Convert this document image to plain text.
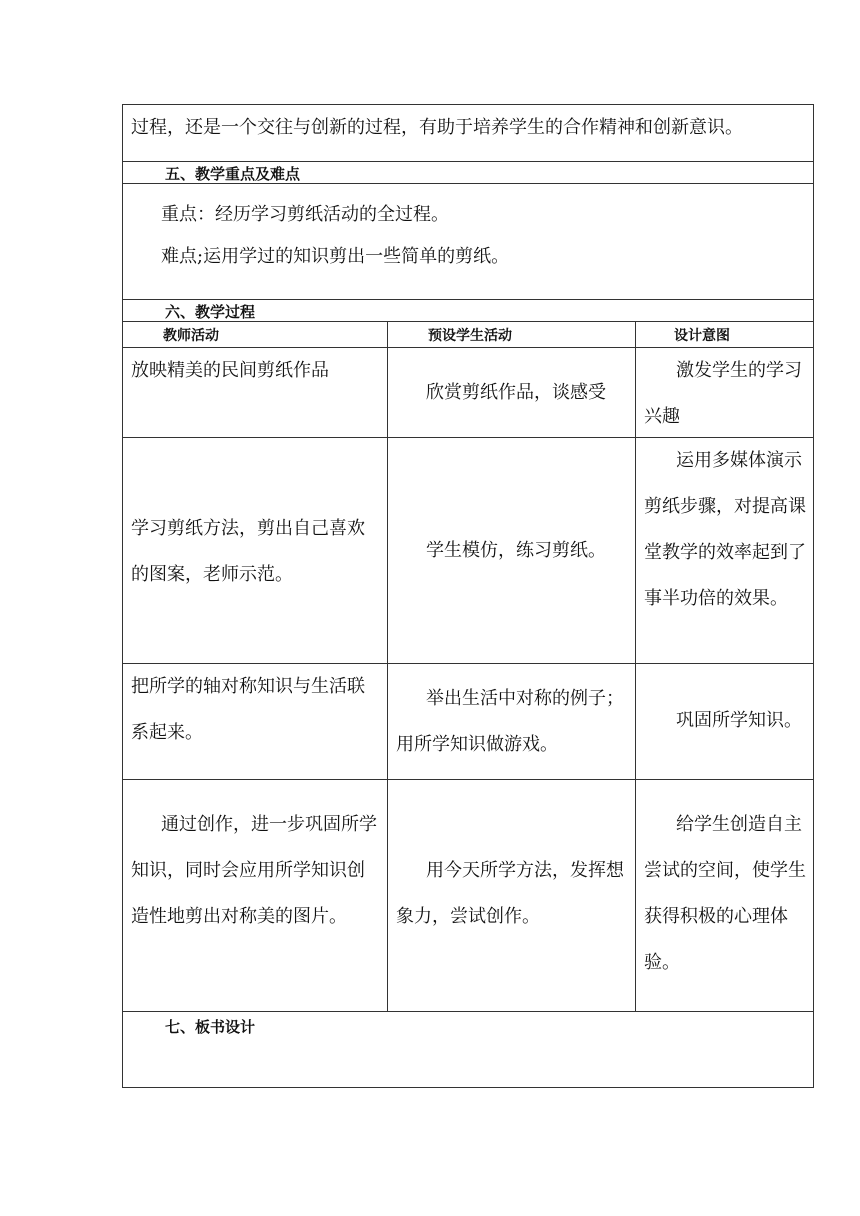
过程，还是一个交往与创新的过程，有助于培养学生的合作精神和创新意识。
五、教学重点及难点
重点：经历学习剪纸活动的全过程。
难点;运用学过的知识剪出一些简单的剪纸。
六、教学过程
教师活动	预设学生活动	设计意图
放映精美的民间剪纸作品
欣赏剪纸作品，谈感受
激发学生的学习兴趣
学习剪纸方法，剪出自己喜欢的图案，老师示范。
学生模仿，练习剪纸。
运用多媒体演示剪纸步骤，对提高课堂教学的效率起到了事半功倍的效果。
把所学的轴对称知识与生活联系起来。
举出生活中对称的例子；用所学知识做游戏。
巩固所学知识。
通过创作，进一步巩固所学知识，同时会应用所学知识创造性地剪出对称美的图片。
用今天所学方法，发挥想象力，尝试创作。
给学生创造自主尝试的空间，使学生获得积极的心理体验。
七、板书设计
